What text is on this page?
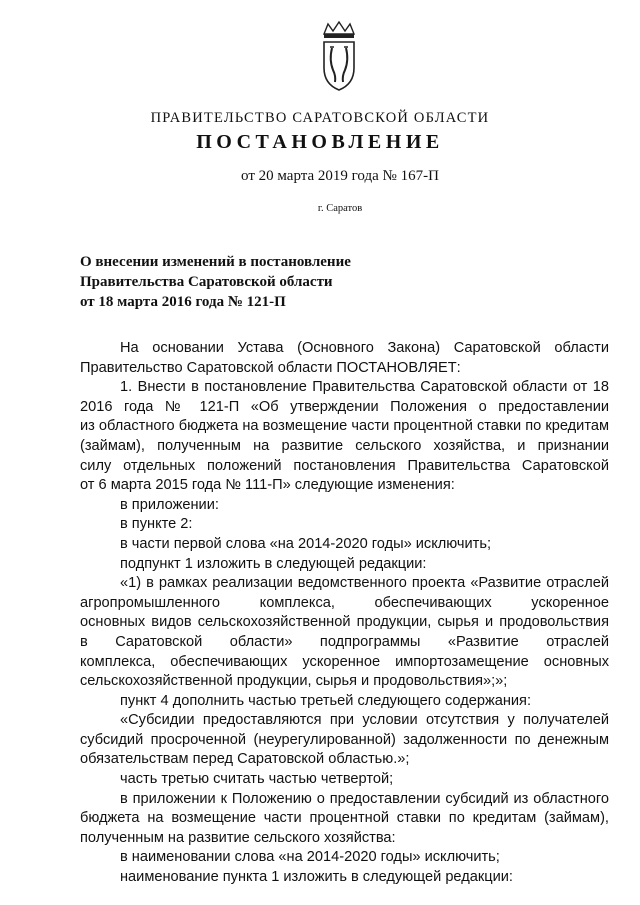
ПРАВИТЕЛЬСТВО САРАТОВСКОЙ ОБЛАСТИ
ПОСТАНОВЛЕНИЕ
от 20 марта 2019 года № 167-П
г. Саратов
О внесении изменений в постановление
Правительства Саратовской области
от 18 марта 2016 года № 121-П
На основании Устава (Основного Закона) Саратовской области
Правительство Саратовской области ПОСТАНОВЛЯЕТ:
1. Внести в постановление Правительства Саратовской области от 18
2016 года № 121-П «Об утверждении Положения о предоставлении
из областного бюджета на возмещение части процентной ставки по кредитам
(займам), полученным на развитие сельского хозяйства, и признании
силу отдельных положений постановления Правительства Саратовской
от 6 марта 2015 года № 111-П» следующие изменения:
в приложении:
в пункте 2:
в части первой слова «на 2014-2020 годы» исключить;
подпункт 1 изложить в следующей редакции:
«1) в рамках реализации ведомственного проекта «Развитие отраслей
агропромышленного комплекса, обеспечивающих ускоренное
основных видов сельскохозяйственной продукции, сырья и продовольствия
в Саратовской области» подпрограммы «Развитие отраслей
комплекса, обеспечивающих ускоренное импортозамещение основных
сельскохозяйственной продукции, сырья и продовольствия»;»;
пункт 4 дополнить частью третьей следующего содержания:
«Субсидии предоставляются при условии отсутствия у получателей
субсидий просроченной (неурегулированной) задолженности по денежным
обязательствам перед Саратовской областью.»;
часть третью считать частью четвертой;
в приложении к Положению о предоставлении субсидий из областного
бюджета на возмещение части процентной ставки по кредитам (займам),
полученным на развитие сельского хозяйства:
в наименовании слова «на 2014-2020 годы» исключить;
наименование пункта 1 изложить в следующей редакции:
